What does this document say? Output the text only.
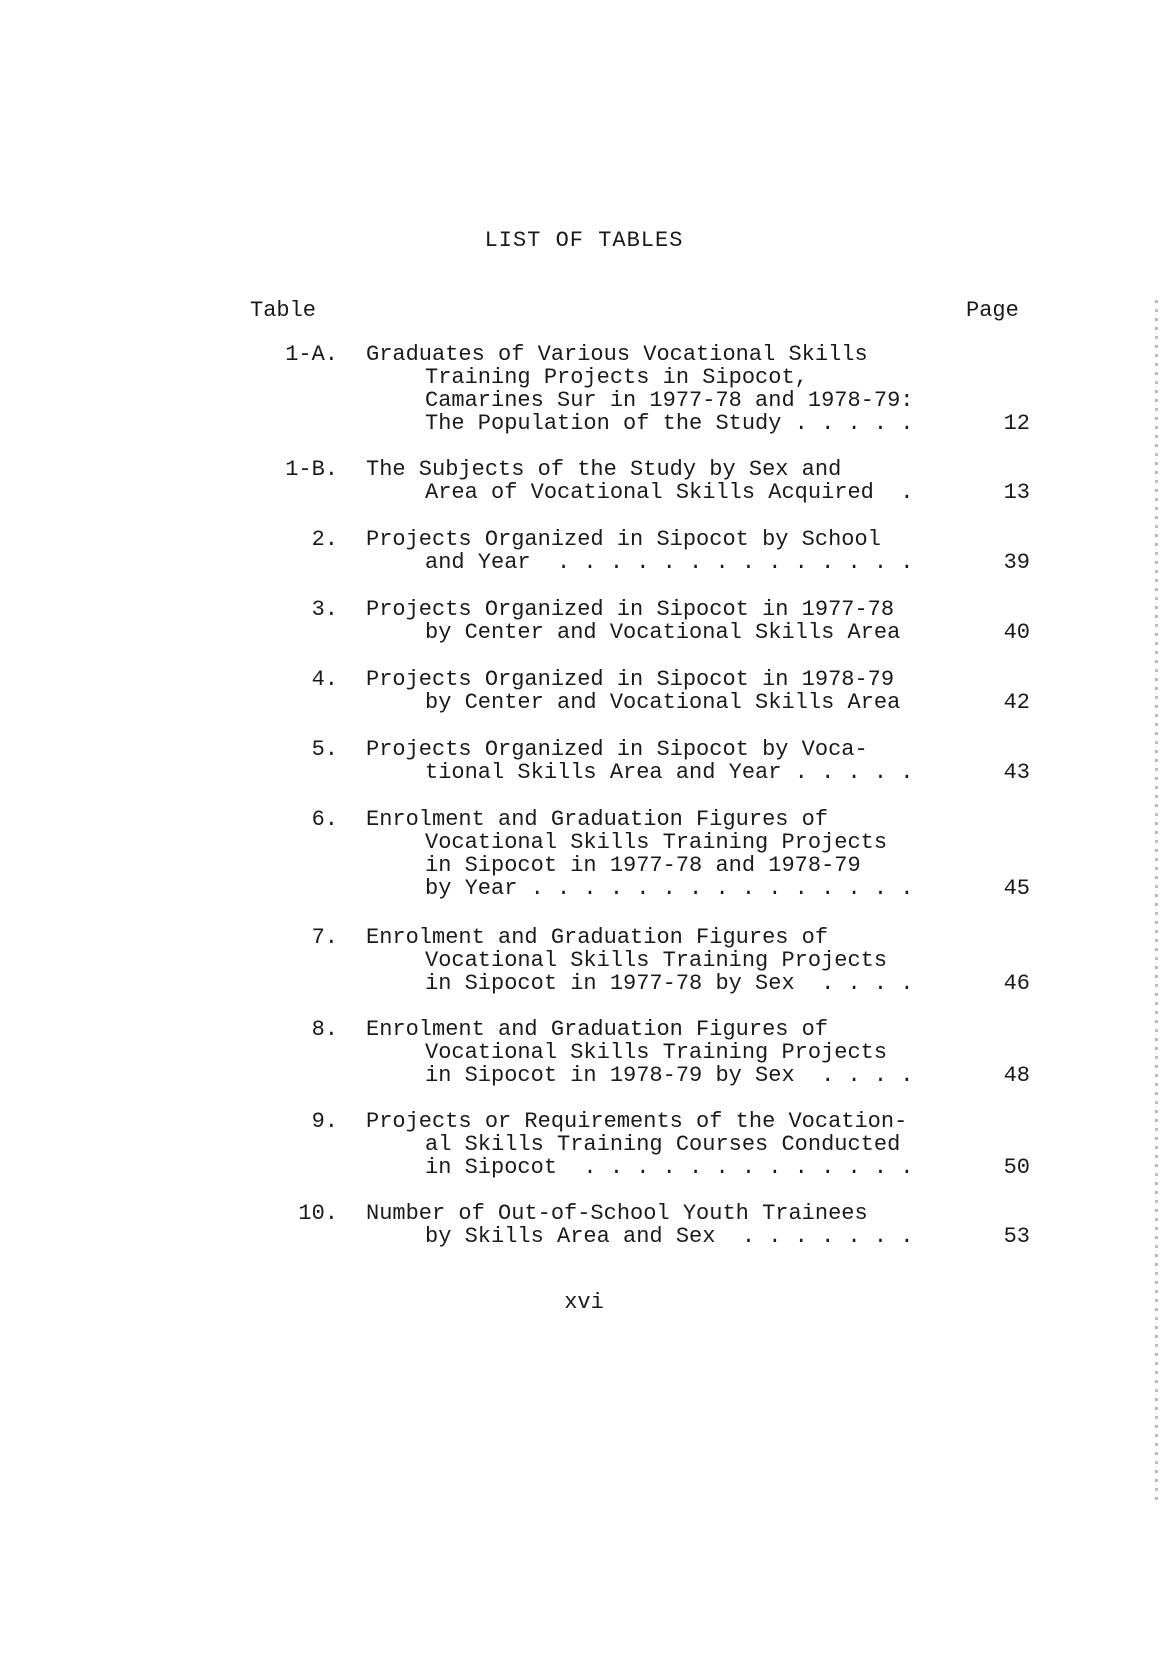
LIST OF TABLES
Table	Page
1-A. Graduates of Various Vocational Skills
Training Projects in Sipocot,
Camarines Sur in 1977-78 and 1978-79:
The Population of the Study . . . . .	12
1-B. The Subjects of the Study by Sex and
Area of Vocational Skills Acquired  .	13
2. Projects Organized in Sipocot by School
and Year  . . . . . . . . . . . . . .	39
3. Projects Organized in Sipocot in 1977-78
by Center and Vocational Skills Area	40
4. Projects Organized in Sipocot in 1978-79
by Center and Vocational Skills Area	42
5. Projects Organized in Sipocot by Voca-
tional Skills Area and Year . . . . .	43
6. Enrolment and Graduation Figures of
Vocational Skills Training Projects
in Sipocot in 1977-78 and 1978-79
by Year . . . . . . . . . . . . . . .	45
7. Enrolment and Graduation Figures of
Vocational Skills Training Projects
in Sipocot in 1977-78 by Sex  . . . .	46
8. Enrolment and Graduation Figures of
Vocational Skills Training Projects
in Sipocot in 1978-79 by Sex  . . . .	48
9. Projects or Requirements of the Vocation-
al Skills Training Courses Conducted
in Sipocot  . . . . . . . . . . . . .	50
10. Number of Out-of-School Youth Trainees
by Skills Area and Sex  . . . . . . .	53
xvi
